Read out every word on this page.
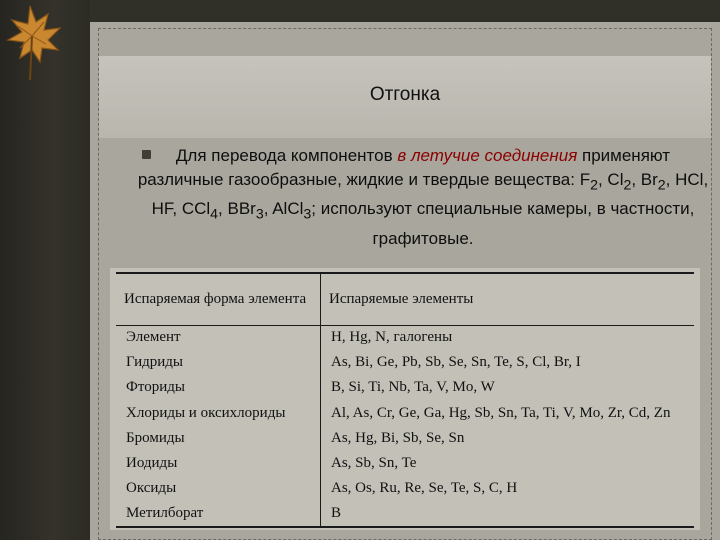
Отгонка
Для перевода компонентов в летучие соединения применяют различные газообразные, жидкие и твердые вещества: $F_2$, $Cl_2$, $Br_2$, HCl, HF, CCl$_4$, BBr$_3$, AlCl$_3$; используют специальные камеры, в частности, графитовые.
Испаряемая форма элемента	Испаряемые элементы
Элемент	H, Hg, N, галогены
Гидриды	As, Bi, Ge, Pb, Sb, Se, Sn, Te, S, Cl, Br, I
Фториды	B, Si, Ti, Nb, Ta, V, Mo, W
Хлориды и оксихлориды	Al, As, Cr, Ge, Ga, Hg, Sb, Sn, Ta, Ti, V, Mo, Zr, Cd, Zn
Бромиды	As, Hg, Bi, Sb, Se, Sn
Иодиды	As, Sb, Sn, Te
Оксиды	As, Os, Ru, Re, Se, Te, S, C, H
Метилборат	B
